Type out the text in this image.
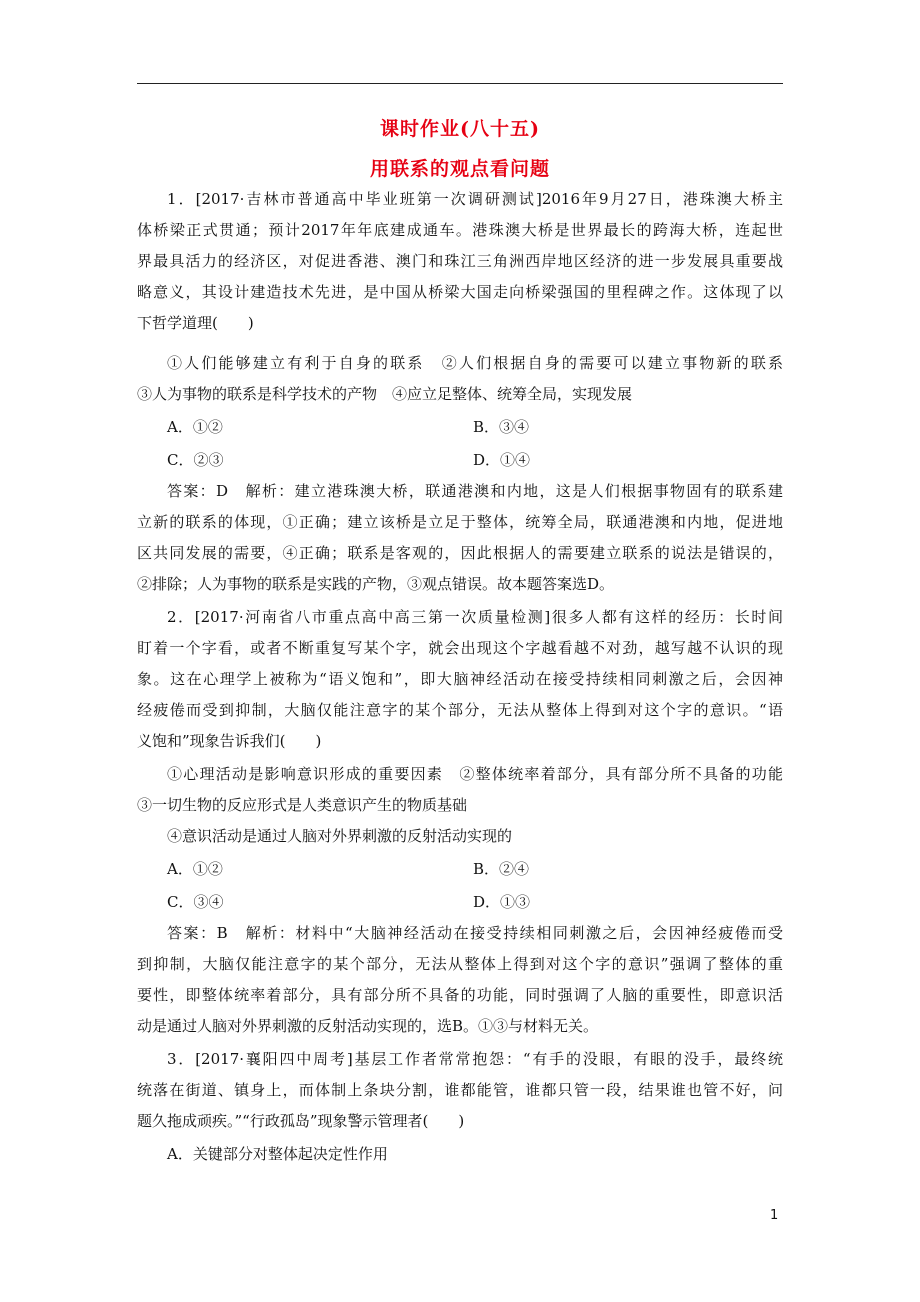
课时作业(八十五)
用联系的观点看问题
1．[2017·吉林市普通高中毕业班第一次调研测试]2016年9月27日，港珠澳大桥主
体桥梁正式贯通；预计2017年年底建成通车。港珠澳大桥是世界最长的跨海大桥，连起世
界最具活力的经济区，对促进香港、澳门和珠江三角洲西岸地区经济的进一步发展具重要战
略意义，其设计建造技术先进，是中国从桥梁大国走向桥梁强国的里程碑之作。这体现了以
下哲学道理(　　)
①人们能够建立有利于自身的联系　②人们根据自身的需要可以建立事物新的联系
③人为事物的联系是科学技术的产物　④应立足整体、统筹全局，实现发展
A．①②	B．③④
C．②③	D．①④
答案：D　解析：建立港珠澳大桥，联通港澳和内地，这是人们根据事物固有的联系建
立新的联系的体现，①正确；建立该桥是立足于整体，统筹全局，联通港澳和内地，促进地
区共同发展的需要，④正确；联系是客观的，因此根据人的需要建立联系的说法是错误的，
②排除；人为事物的联系是实践的产物，③观点错误。故本题答案选D。
2．[2017·河南省八市重点高中高三第一次质量检测]很多人都有这样的经历：长时间
盯着一个字看，或者不断重复写某个字，就会出现这个字越看越不对劲，越写越不认识的现
象。这在心理学上被称为“语义饱和”，即大脑神经活动在接受持续相同刺激之后，会因神
经疲倦而受到抑制，大脑仅能注意字的某个部分，无法从整体上得到对这个字的意识。“语
义饱和”现象告诉我们(　　)
①心理活动是影响意识形成的重要因素　②整体统率着部分，具有部分所不具备的功能
③一切生物的反应形式是人类意识产生的物质基础
④意识活动是通过人脑对外界刺激的反射活动实现的
A．①②	B．②④
C．③④	D．①③
答案：B　解析：材料中“大脑神经活动在接受持续相同刺激之后，会因神经疲倦而受
到抑制，大脑仅能注意字的某个部分，无法从整体上得到对这个字的意识”强调了整体的重
要性，即整体统率着部分，具有部分所不具备的功能，同时强调了人脑的重要性，即意识活
动是通过人脑对外界刺激的反射活动实现的，选B。①③与材料无关。
3．[2017·襄阳四中周考]基层工作者常常抱怨：“有手的没眼，有眼的没手，最终统
统落在街道、镇身上，而体制上条块分割，谁都能管，谁都只管一段，结果谁也管不好，问
题久拖成顽疾。”“行政孤岛”现象警示管理者(　　)
A．关键部分对整体起决定性作用
1
